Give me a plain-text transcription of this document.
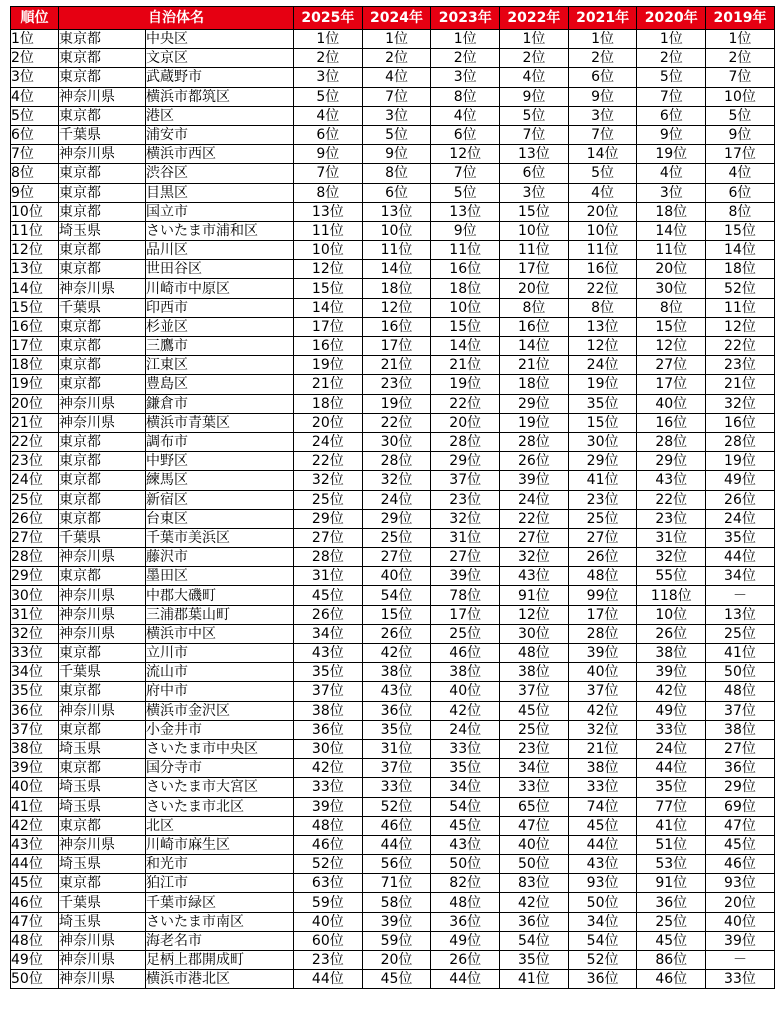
順位	自治体名		2025年	2024年	2023年	2022年	2021年	2020年	2019年
1位	東京都	中央区	1位	1位	1位	1位	1位	1位	1位
2位	東京都	文京区	2位	2位	2位	2位	2位	2位	2位
3位	東京都	武蔵野市	3位	4位	3位	4位	6位	5位	7位
4位	神奈川県	横浜市都筑区	5位	7位	8位	9位	9位	7位	10位
5位	東京都	港区	4位	3位	4位	5位	3位	6位	5位
6位	千葉県	浦安市	6位	5位	6位	7位	7位	9位	9位
7位	神奈川県	横浜市西区	9位	9位	12位	13位	14位	19位	17位
8位	東京都	渋谷区	7位	8位	7位	6位	5位	4位	4位
9位	東京都	目黒区	8位	6位	5位	3位	4位	3位	6位
10位	東京都	国立市	13位	13位	13位	15位	20位	18位	8位
11位	埼玉県	さいたま市浦和区	11位	10位	9位	10位	10位	14位	15位
12位	東京都	品川区	10位	11位	11位	11位	11位	11位	14位
13位	東京都	世田谷区	12位	14位	16位	17位	16位	20位	18位
14位	神奈川県	川崎市中原区	15位	18位	18位	20位	22位	30位	52位
15位	千葉県	印西市	14位	12位	10位	8位	8位	8位	11位
16位	東京都	杉並区	17位	16位	15位	16位	13位	15位	12位
17位	東京都	三鷹市	16位	17位	14位	14位	12位	12位	22位
18位	東京都	江東区	19位	21位	21位	21位	24位	27位	23位
19位	東京都	豊島区	21位	23位	19位	18位	19位	17位	21位
20位	神奈川県	鎌倉市	18位	19位	22位	29位	35位	40位	32位
21位	神奈川県	横浜市青葉区	20位	22位	20位	19位	15位	16位	16位
22位	東京都	調布市	24位	30位	28位	28位	30位	28位	28位
23位	東京都	中野区	22位	28位	29位	26位	29位	29位	19位
24位	東京都	練馬区	32位	32位	37位	39位	41位	43位	49位
25位	東京都	新宿区	25位	24位	23位	24位	23位	22位	26位
26位	東京都	台東区	29位	29位	32位	22位	25位	23位	24位
27位	千葉県	千葉市美浜区	27位	25位	31位	27位	27位	31位	35位
28位	神奈川県	藤沢市	28位	27位	27位	32位	26位	32位	44位
29位	東京都	墨田区	31位	40位	39位	43位	48位	55位	34位
30位	神奈川県	中郡大磯町	45位	54位	78位	91位	99位	118位	－
31位	神奈川県	三浦郡葉山町	26位	15位	17位	12位	17位	10位	13位
32位	神奈川県	横浜市中区	34位	26位	25位	30位	28位	26位	25位
33位	東京都	立川市	43位	42位	46位	48位	39位	38位	41位
34位	千葉県	流山市	35位	38位	38位	38位	40位	39位	50位
35位	東京都	府中市	37位	43位	40位	37位	37位	42位	48位
36位	神奈川県	横浜市金沢区	38位	36位	42位	45位	42位	49位	37位
37位	東京都	小金井市	36位	35位	24位	25位	32位	33位	38位
38位	埼玉県	さいたま市中央区	30位	31位	33位	23位	21位	24位	27位
39位	東京都	国分寺市	42位	37位	35位	34位	38位	44位	36位
40位	埼玉県	さいたま市大宮区	33位	33位	34位	33位	33位	35位	29位
41位	埼玉県	さいたま市北区	39位	52位	54位	65位	74位	77位	69位
42位	東京都	北区	48位	46位	45位	47位	45位	41位	47位
43位	神奈川県	川崎市麻生区	46位	44位	43位	40位	44位	51位	45位
44位	埼玉県	和光市	52位	56位	50位	50位	43位	53位	46位
45位	東京都	狛江市	63位	71位	82位	83位	93位	91位	93位
46位	千葉県	千葉市緑区	59位	58位	48位	42位	50位	36位	20位
47位	埼玉県	さいたま市南区	40位	39位	36位	36位	34位	25位	40位
48位	神奈川県	海老名市	60位	59位	49位	54位	54位	45位	39位
49位	神奈川県	足柄上郡開成町	23位	20位	26位	35位	52位	86位	－
50位	神奈川県	横浜市港北区	44位	45位	44位	41位	36位	46位	33位
